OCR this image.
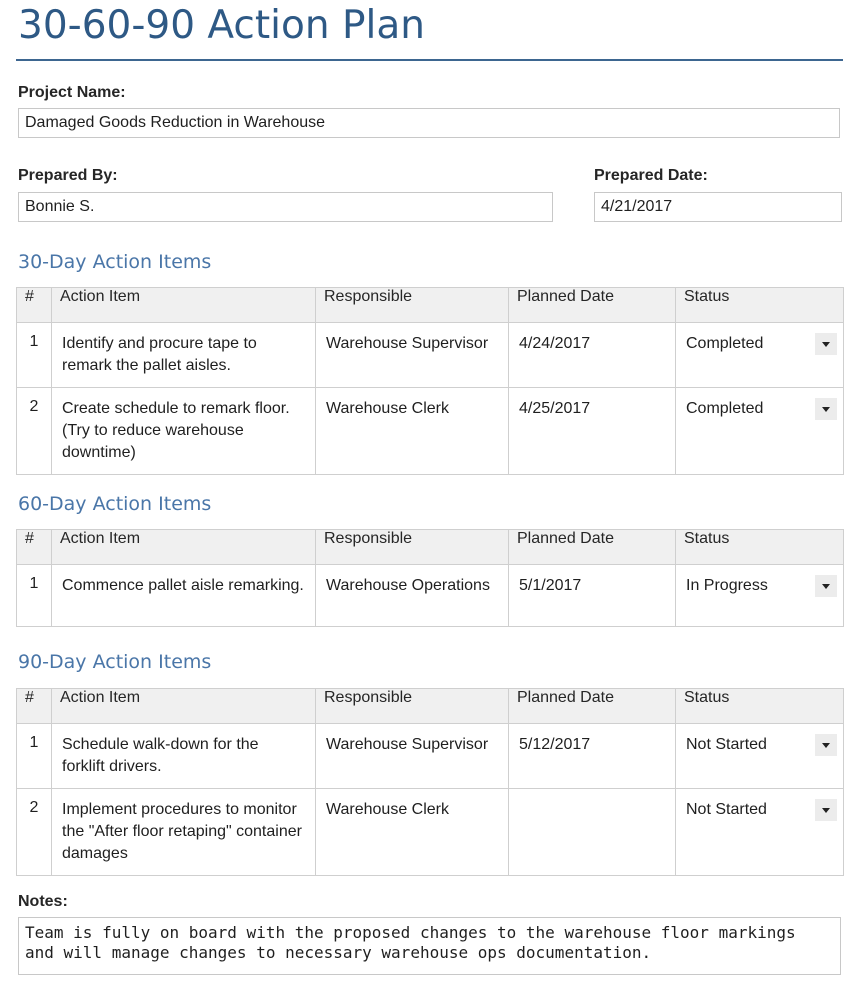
30-60-90 Action Plan
Project Name:
Damaged Goods Reduction in Warehouse
Prepared By:
Bonnie S.
Prepared Date:
4/21/2017
30-Day Action Items
#	Action Item	Responsible	Planned Date	Status
1	Identify and procure tape to remark the pallet aisles.	Warehouse Supervisor	4/24/2017	Completed

2	Create schedule to remark floor. (Try to reduce warehouse downtime)	Warehouse Clerk	4/25/2017	Completed
60-Day Action Items
#	Action Item	Responsible	Planned Date	Status
1	Commence pallet aisle remarking.	Warehouse Operations	5/1/2017	In Progress
90-Day Action Items
#	Action Item	Responsible	Planned Date	Status
1	Schedule walk-down for the forklift drivers.	Warehouse Supervisor	5/12/2017	Not Started

2	Implement procedures to monitor the "After floor retaping" container damages	Warehouse Clerk		Not Started
Notes:
Team is fully on board with the proposed changes to the warehouse floor markings and will manage changes to necessary warehouse ops documentation.
